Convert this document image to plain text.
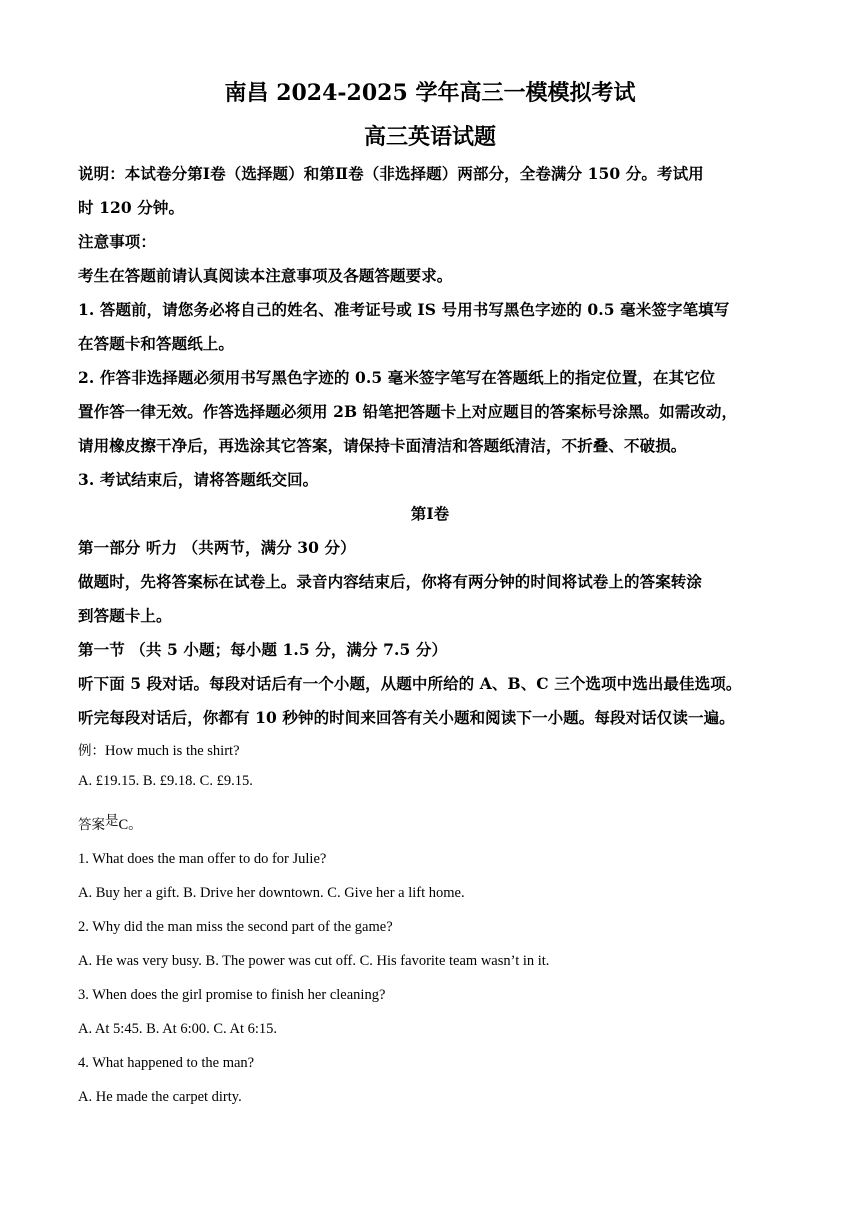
南昌 2024-2025 学年高三一模模拟考试
高三英语试题
说明：本试卷分第Ⅰ卷（选择题）和第Ⅱ卷（非选择题）两部分，全卷满分 150 分。考试用
时 120 分钟。
注意事项：
考生在答题前请认真阅读本注意事项及各题答题要求。
1. 答题前，请您务必将自己的姓名、准考证号或 IS 号用书写黑色字迹的 0.5 毫米签字笔填写
在答题卡和答题纸上。
2. 作答非选择题必须用书写黑色字迹的 0.5 毫米签字笔写在答题纸上的指定位置，在其它位
置作答一律无效。作答选择题必须用 2B 铅笔把答题卡上对应题目的答案标号涂黑。如需改动，
请用橡皮擦干净后，再选涂其它答案，请保持卡面清洁和答题纸清洁，不折叠、不破损。
3. 考试结束后，请将答题纸交回。
第Ⅰ卷
第一部分 听力 （共两节，满分 30 分）
做题时，先将答案标在试卷上。录音内容结束后，你将有两分钟的时间将试卷上的答案转涂
到答题卡上。
第一节 （共 5 小题；每小题 1.5 分，满分 7.5 分）
听下面 5 段对话。每段对话后有一个小题，从题中所给的 A、B、C 三个选项中选出最佳选项。
听完每段对话后，你都有 10 秒钟的时间来回答有关小题和阅读下一小题。每段对话仅读一遍。
例：How much is the shirt?
A. £19.15. B. £9.18. C. £9.15.
答案是C。
1. What does the man offer to do for Julie?
A. Buy her a gift. B. Drive her downtown. C. Give her a lift home.
2. Why did the man miss the second part of the game?
A. He was very busy. B. The power was cut off. C. His favorite team wasn’t in it.
3. When does the girl promise to finish her cleaning?
A. At 5:45. B. At 6:00. C. At 6:15.
4. What happened to the man?
A. He made the carpet dirty.
